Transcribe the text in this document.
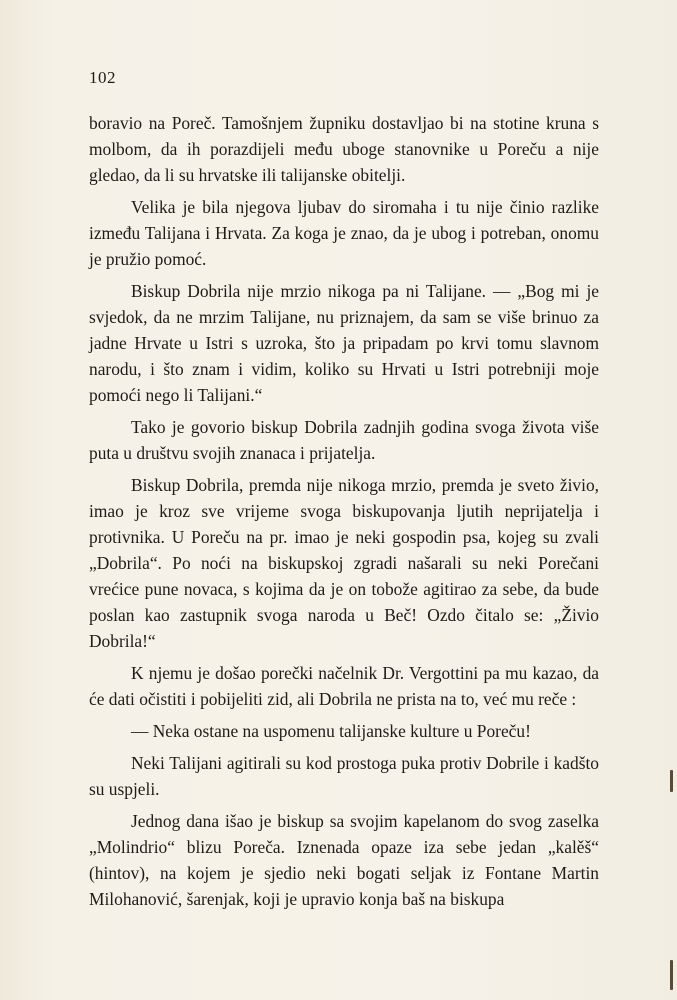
102

boravio na Poreč. Tamošnjem župniku dostavljao bi na stotine kruna s molbom, da ih porazdijeli među uboge stanovnike u Poreču a nije gledao, da li su hrvatske ili talijanske obitelji.

Velika je bila njegova ljubav do siromaha i tu nije činio razlike između Talijana i Hrvata. Za koga je znao, da je ubog i potreban, onomu je pružio pomoć.

Biskup Dobrila nije mrzio nikoga pa ni Talijane. — „Bog mi je svjedok, da ne mrzim Talijane, nu priznajem, da sam se više brinuo za jadne Hrvate u Istri s uzroka, što ja pripadam po krvi tomu slavnom narodu, i što znam i vidim, koliko su Hrvati u Istri potrebniji moje pomoći nego li Talijani.“

Tako je govorio biskup Dobrila zadnjih godina svoga života više puta u društvu svojih znanaca i prijatelja.

Biskup Dobrila, premda nije nikoga mrzio, premda je sveto živio, imao je kroz sve vrijeme svoga biskupovanja ljutih neprijatelja i protivnika. U Poreču na pr. imao je neki gospodin psa, kojeg su zvali „Dobrila“. Po noći na biskupskoj zgradi našarali su neki Porečani vrećice pune novaca, s kojima da je on tobože agitirao za sebe, da bude poslan kao zastupnik svoga naroda u Beč! Ozdo čitalo se: „Živio Dobrila!“

K njemu je došao porečki načelnik Dr. Vergottini pa mu kazao, da će dati očistiti i pobijeliti zid, ali Dobrila ne prista na to, već mu reče :

— Neka ostane na uspomenu talijanske kulture u Poreču!

Neki Talijani agitirali su kod prostoga puka protiv Dobrile i kadšto su uspjeli.

Jednog dana išao je biskup sa svojim kapelanom do svog zaselka „Molindrio“ blizu Poreča. Iznenada opaze iza sebe jedan „kalěš“ (hintov), na kojem je sjedio neki bogati seljak iz Fontane Martin Milohanović, šarenjak, koji je upravio konja baš na biskupa
